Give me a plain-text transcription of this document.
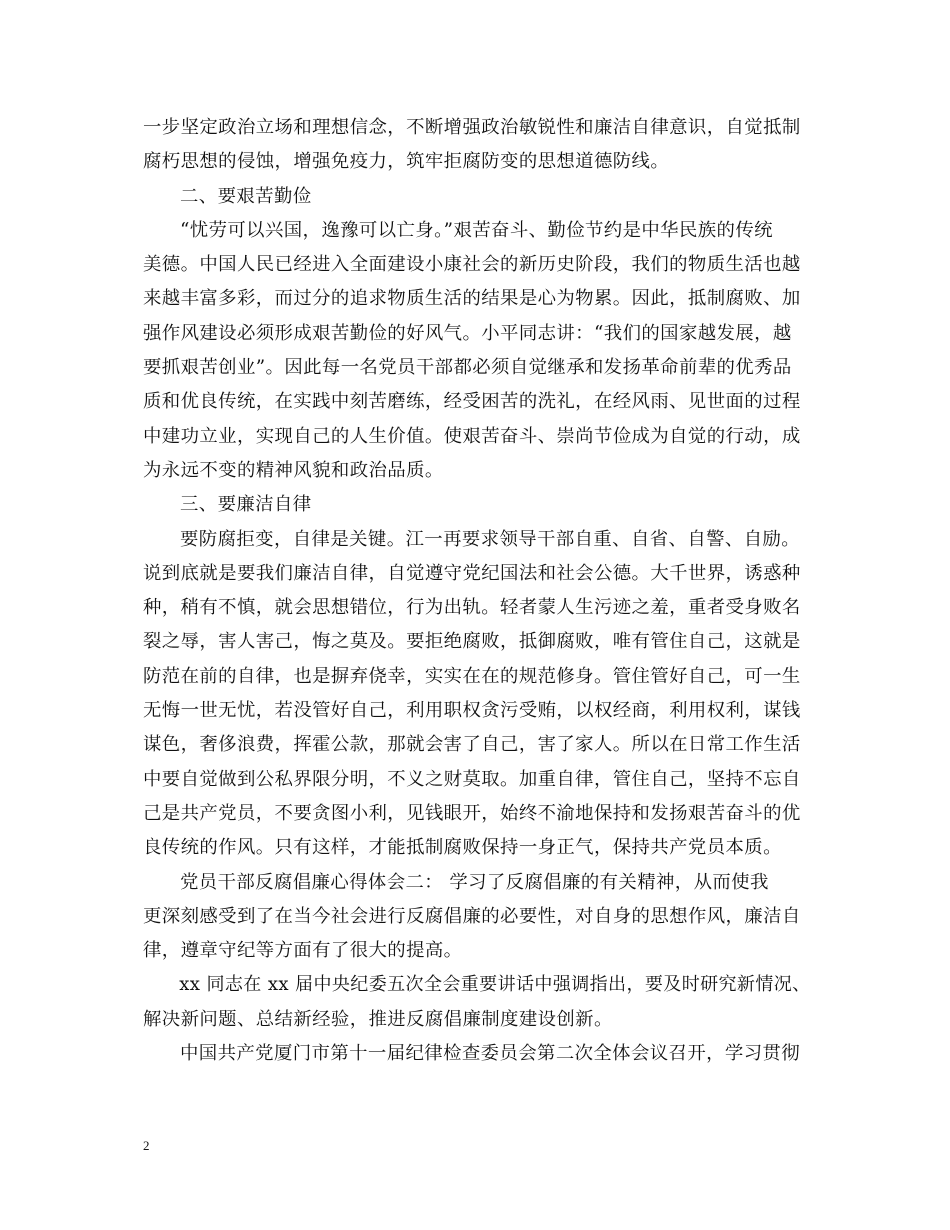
一步坚定政治立场和理想信念，不断增强政治敏锐性和廉洁自律意识，自觉抵制
腐朽思想的侵蚀，增强免疫力，筑牢拒腐防变的思想道德防线。
二、要艰苦勤俭
“忧劳可以兴国，逸豫可以亡身。”艰苦奋斗、勤俭节约是中华民族的传统
美德。中国人民已经进入全面建设小康社会的新历史阶段，我们的物质生活也越
来越丰富多彩，而过分的追求物质生活的结果是心为物累。因此，抵制腐败、加
强作风建设必须形成艰苦勤俭的好风气。小平同志讲：“我们的国家越发展，越
要抓艰苦创业”。因此每一名党员干部都必须自觉继承和发扬革命前辈的优秀品
质和优良传统，在实践中刻苦磨练，经受困苦的洗礼，在经风雨、见世面的过程
中建功立业，实现自己的人生价值。使艰苦奋斗、崇尚节俭成为自觉的行动，成
为永远不变的精神风貌和政治品质。
三、要廉洁自律
要防腐拒变，自律是关键。江一再要求领导干部自重、自省、自警、自励。
说到底就是要我们廉洁自律，自觉遵守党纪国法和社会公德。大千世界，诱惑种
种，稍有不慎，就会思想错位，行为出轨。轻者蒙人生污迹之羞，重者受身败名
裂之辱，害人害己，悔之莫及。要拒绝腐败，抵御腐败，唯有管住自己，这就是
防范在前的自律，也是摒弃侥幸，实实在在的规范修身。管住管好自己，可一生
无悔一世无忧，若没管好自己，利用职权贪污受贿，以权经商，利用权利，谋钱
谋色，奢侈浪费，挥霍公款，那就会害了自己，害了家人。所以在日常工作生活
中要自觉做到公私界限分明，不义之财莫取。加重自律，管住自己，坚持不忘自
己是共产党员，不要贪图小利，见钱眼开，始终不渝地保持和发扬艰苦奋斗的优
良传统的作风。只有这样，才能抵制腐败保持一身正气，保持共产党员本质。
党员干部反腐倡廉心得体会二： 学习了反腐倡廉的有关精神，从而使我
更深刻感受到了在当今社会进行反腐倡廉的必要性，对自身的思想作风，廉洁自
律，遵章守纪等方面有了很大的提高。
xx 同志在 xx 届中央纪委五次全会重要讲话中强调指出，要及时研究新情况、
解决新问题、总结新经验，推进反腐倡廉制度建设创新。
中国共产党厦门市第十一届纪律检查委员会第二次全体会议召开，学习贯彻
2
